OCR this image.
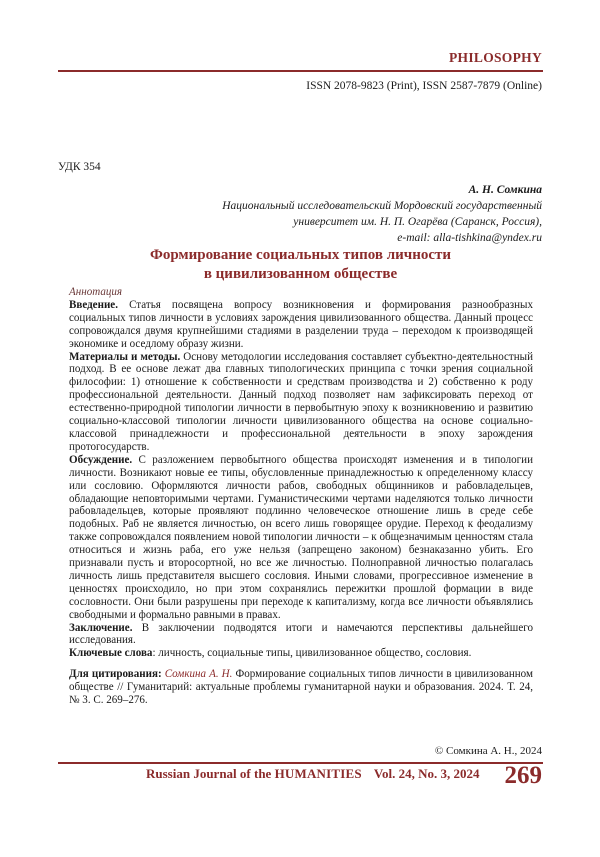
PHILOSOPHY
ISSN 2078-9823 (Print), ISSN 2587-7879 (Online)
УДК 354
А. Н. Сомкина
Национальный исследовательский Мордовский государственный
университет им. Н. П. Огарёва (Саранск, Россия),
e-mail: alla-tishkina@yndex.ru
Формирование социальных типов личности
в цивилизованном обществе

Аннотация

Введение. Статья посвящена вопросу возникновения и формирования разнообразных социальных типов личности в условиях зарождения цивилизованного общества. Данный процесс сопровождался двумя крупнейшими стадиями в разделении труда – переходом к производящей экономике и оседлому образу жизни.

Материалы и методы. Основу методологии исследования составляет субъектно-деятельностный подход. В ее основе лежат два главных типологических принципа с точки зрения социальной философии: 1) отношение к собственности и средствам производства и 2) собственно к роду профессиональной деятельности. Данный подход позволяет нам зафиксировать переход от естественно-природной типологии личности в первобытную эпоху к возникновению и развитию социально-классовой типологии личности цивилизованного общества на основе социально-классовой принадлежности и профессиональной деятельности в эпоху зарождения протогосударств.

Обсуждение. С разложением первобытного общества происходят изменения и в типологии личности. Возникают новые ее типы, обусловленные принадлежностью к определенному классу или сословию. Оформляются личности рабов, свободных общинников и рабовладельцев, обладающие неповторимыми чертами. Гуманистическими чертами наделяются только личности рабовладельцев, которые проявляют подлинно человеческое отношение лишь в среде себе подобных. Раб не является личностью, он всего лишь говорящее орудие. Переход к феодализму также сопровождался появлением новой типологии личности – к общезначимым ценностям стала относиться и жизнь раба, его уже нельзя (запрещено законом) безнаказанно убить. Его признавали пусть и второсортной, но все же личностью. Полноправной личностью полагалась личность лишь представителя высшего сословия. Иными словами, прогрессивное изменение в ценностях происходило, но при этом сохранялись пережитки прошлой формации в виде сословности. Они были разрушены при переходе к капитализму, когда все личности объявлялись свободными и формально равными в правах.

Заключение. В заключении подводятся итоги и намечаются перспективы дальнейшего исследования.

Ключевые слова: личность, социальные типы, цивилизованное общество, сословия.

Для цитирования: Сомкина А. Н. Формирование социальных типов личности в цивилизованном обществе // Гуманитарий: актуальные проблемы гуманитарной науки и образования. 2024. Т. 24, № 3. С. 269–276.

© Сомкина А. Н., 2024
Russian Journal of the HUMANITIES Vol. 24, No. 3, 2024 269
